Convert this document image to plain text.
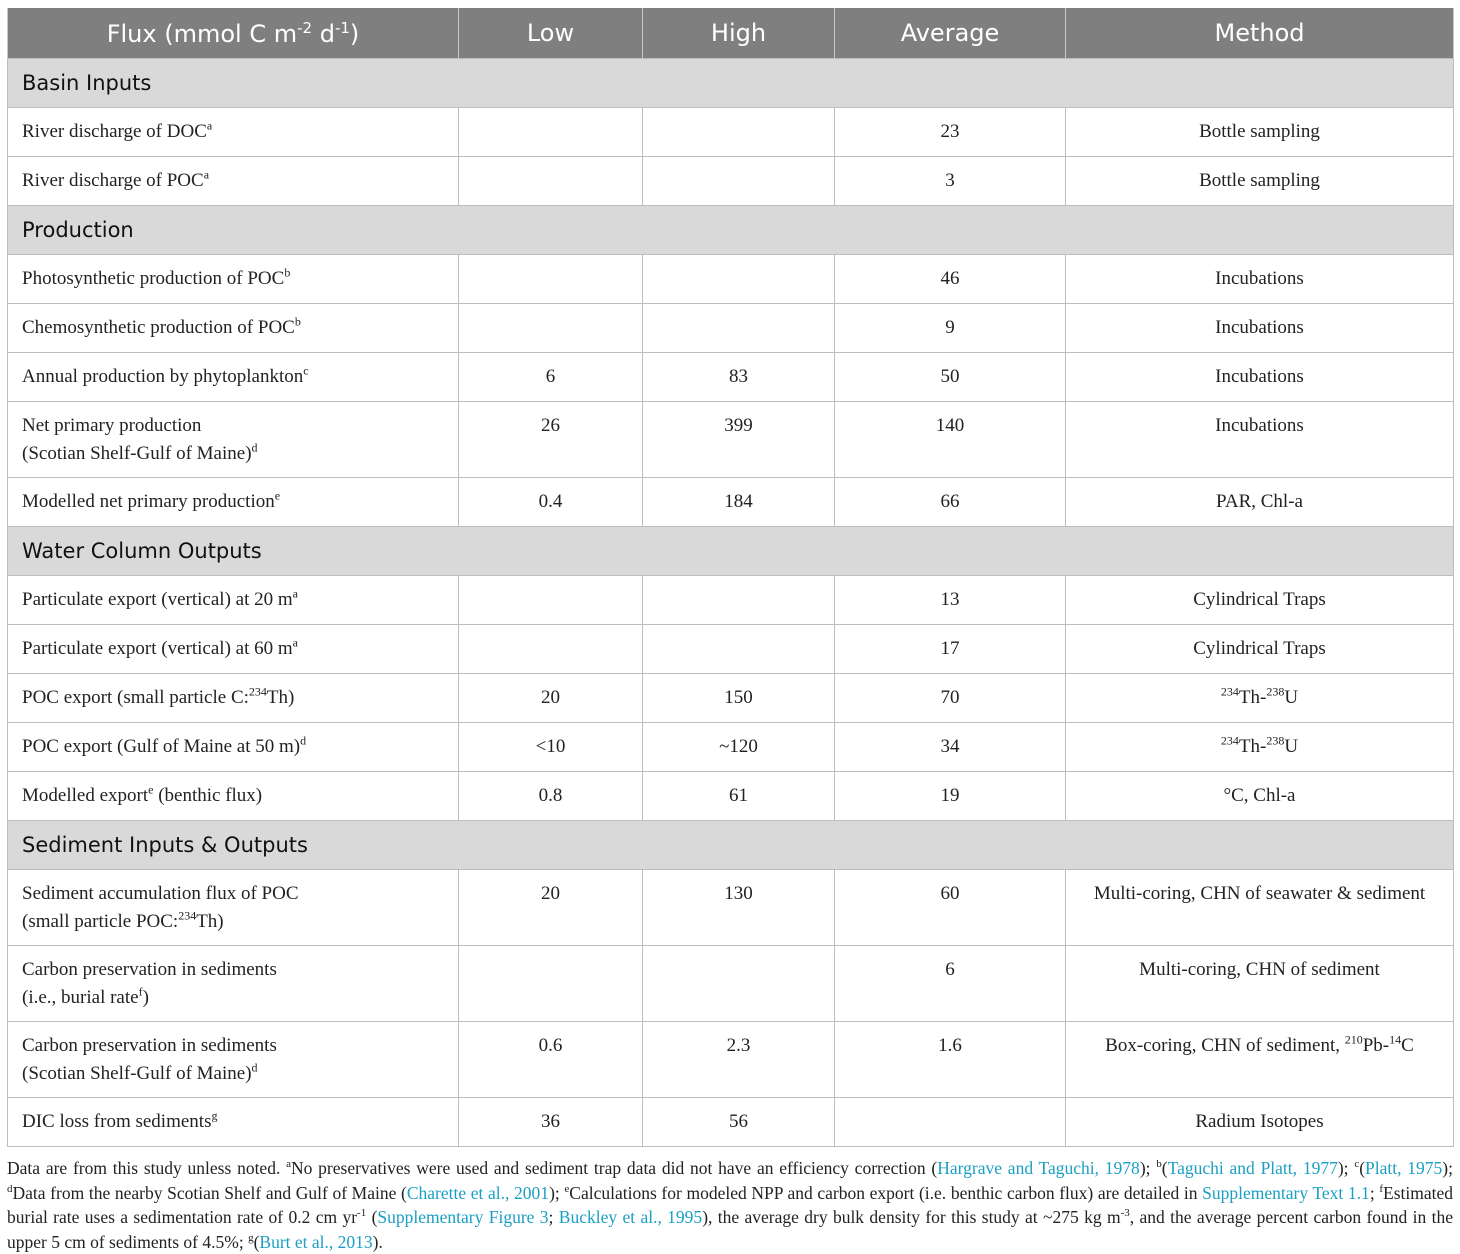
Flux (mmol C $m^{-2}$ $d^{-1}$)	Low	High	Average	Method
Basin Inputs				
River discharge of DOC$^a$			23	Bottle sampling
River discharge of POC$^a$			3	Bottle sampling
Production				
Photosynthetic production of POC$^b$			46	Incubations
Chemosynthetic production of POC$^b$			9	Incubations
Annual production by phytoplankton$^c$	6	83	50	Incubations
Net primary production
(Scotian Shelf-Gulf of Maine)$^d$	26	399	140	Incubations
Modelled net primary production$^e$	0.4	184	66	PAR, Chl-a
Water Column Outputs				
Particulate export (vertical) at 20 $m^a$			13	Cylindrical Traps
Particulate export (vertical) at 60 $m^a$			17	Cylindrical Traps
POC export (small particle C:$^{234}$Th)	20	150	70	$^{234}$Th-$^{238}$U
POC export (Gulf of Maine at 50 m)$^d$	<10	~120	34	$^{234}$Th-$^{238}$U
Modelled export$^e$ (benthic flux)	0.8	61	19	°C, Chl-a
Sediment Inputs & Outputs				
Sediment accumulation flux of POC
(small particle POC:$^{234}$Th)	20	130	60	Multi-coring, CHN of seawater & sediment
Carbon preservation in sediments
(i.e., burial rate$^f$)			6	Multi-coring, CHN of sediment
Carbon preservation in sediments
(Scotian Shelf-Gulf of Maine)$^d$	0.6	2.3	1.6	Box-coring, CHN of sediment, $^{210}$Pb-$^{14}$C
DIC loss from sediments$^g$	36	56		Radium Isotopes
Data are from this study unless noted. $^a$No preservatives were used and sediment trap data did not have an efficiency correction (Hargrave and Taguchi, 1978); $^b$(Taguchi and Platt, 1977); $^c$(Platt, 1975); $^d$Data from the nearby Scotian Shelf and Gulf of Maine (Charette et al., 2001); $^e$Calculations for modeled NPP and carbon export (i.e. benthic carbon flux) are detailed in Supplementary Text 1.1; $^f$Estimated burial rate uses a sedimentation rate of 0.2 cm $yr^{-1}$ (Supplementary Figure 3; Buckley et al., 1995), the average dry bulk density for this study at ~275 kg $m^{-3}$, and the average percent carbon found in the upper 5 cm of sediments of 4.5%; $^g$(Burt et al., 2013).
